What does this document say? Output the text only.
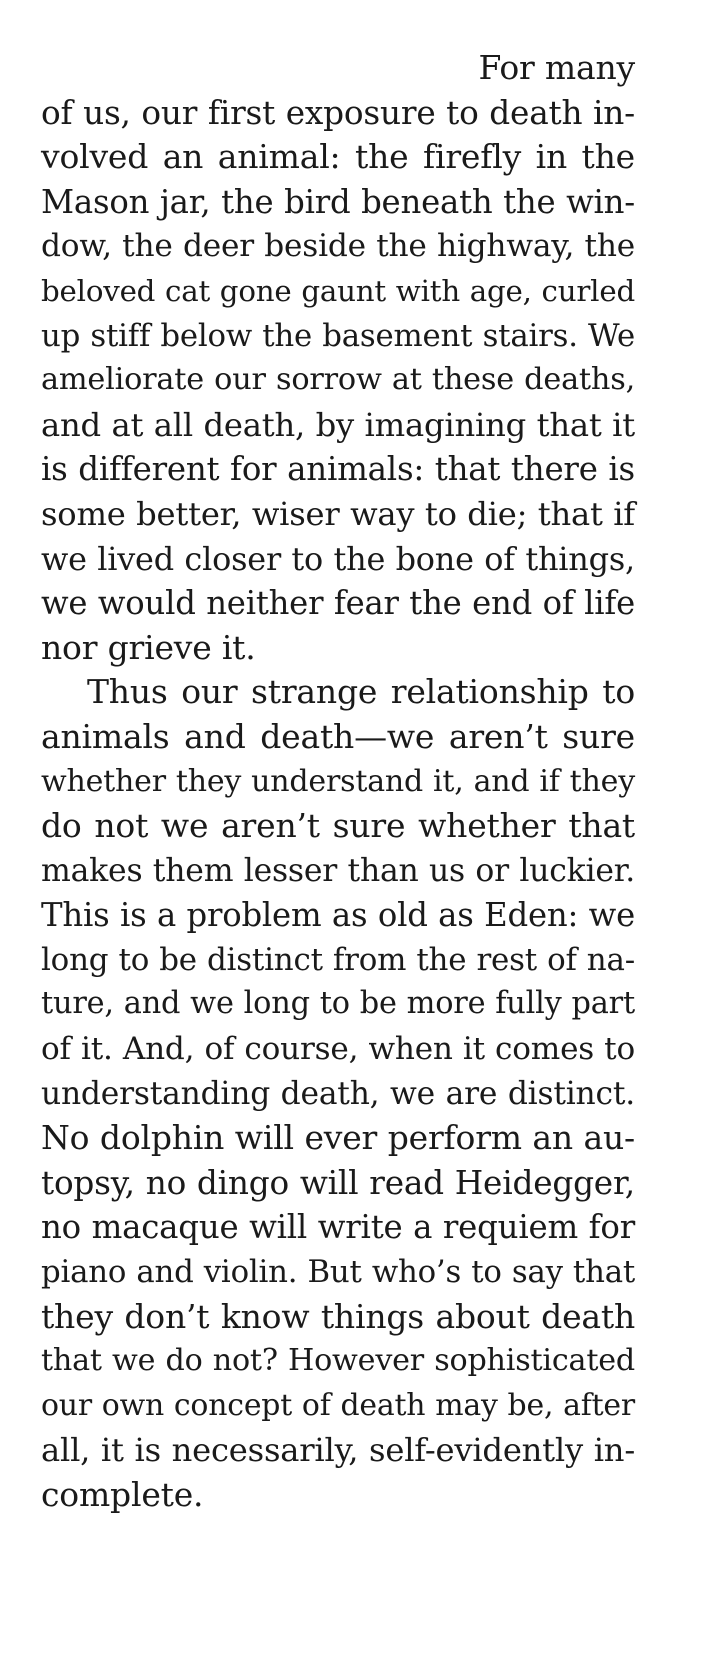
For many
of us, our first exposure to death in-
volved an animal: the firefly in the
Mason jar, the bird beneath the win-
dow, the deer beside the highway, the
beloved cat gone gaunt with age, curled
up stiff below the basement stairs. We
ameliorate our sorrow at these deaths,
and at all death, by imagining that it
is different for animals: that there is
some better, wiser way to die; that if
we lived closer to the bone of things,
we would neither fear the end of life
nor grieve it.
Thus our strange relationship to
animals and death—we aren’t sure
whether they understand it, and if they
do not we aren’t sure whether that
makes them lesser than us or luckier.
This is a problem as old as Eden: we
long to be distinct from the rest of na-
ture, and we long to be more fully part
of it. And, of course, when it comes to
understanding death, we are distinct.
No dolphin will ever perform an au-
topsy, no dingo will read Heidegger,
no macaque will write a requiem for
piano and violin. But who’s to say that
they don’t know things about death
that we do not? However sophisticated
our own concept of death may be, after
all, it is necessarily, self-evidently in-
complete.
